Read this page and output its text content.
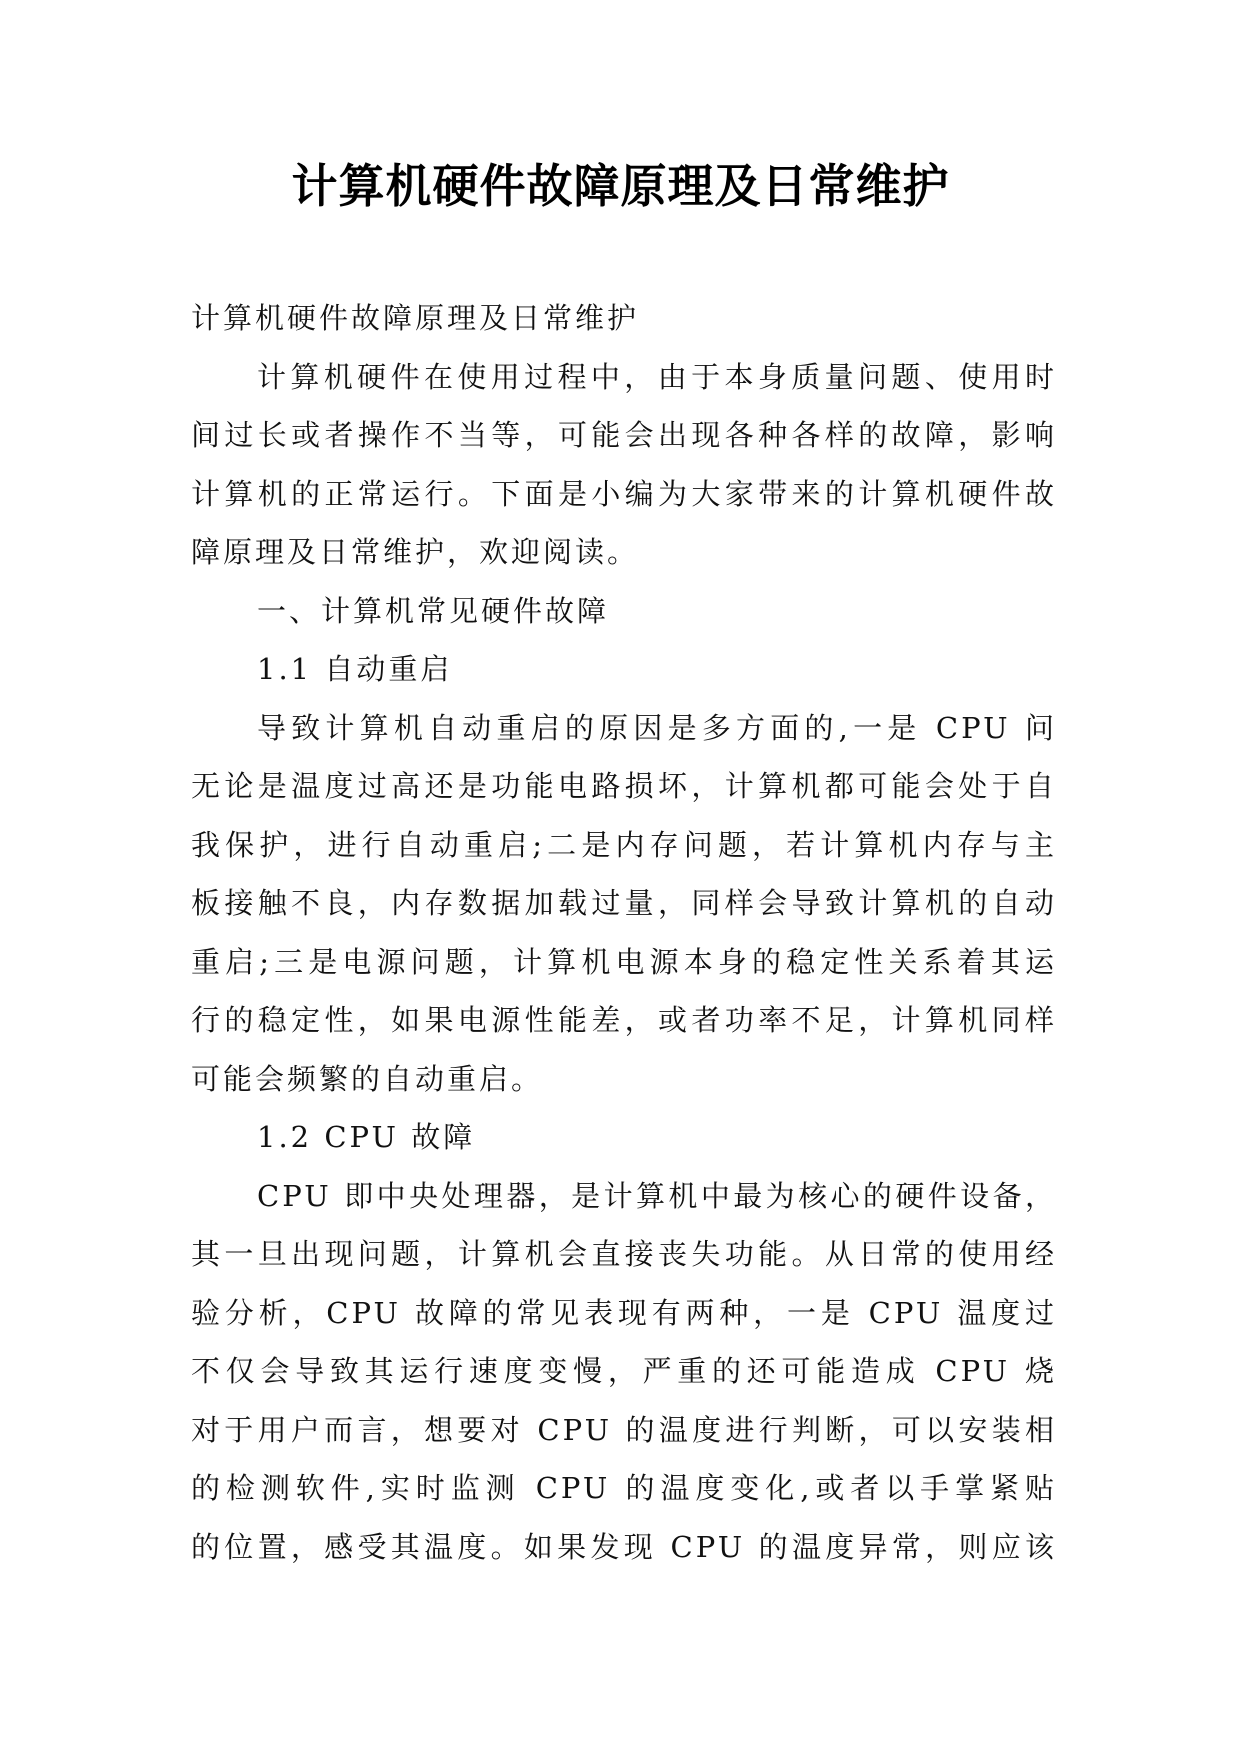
计算机硬件故障原理及日常维护
计算机硬件故障原理及日常维护
计算机硬件在使用过程中，由于本身质量问题、使用时
间过长或者操作不当等，可能会出现各种各样的故障，影响
计算机的正常运行。下面是小编为大家带来的计算机硬件故
障原理及日常维护，欢迎阅读。
一、计算机常见硬件故障
1.1 自动重启
导致计算机自动重启的原因是多方面的,一是 CPU 问
无论是温度过高还是功能电路损坏，计算机都可能会处于自
我保护，进行自动重启;二是内存问题，若计算机内存与主
板接触不良，内存数据加载过量，同样会导致计算机的自动
重启;三是电源问题，计算机电源本身的稳定性关系着其运
行的稳定性，如果电源性能差，或者功率不足，计算机同样
可能会频繁的自动重启。
1.2 CPU 故障
CPU 即中央处理器，是计算机中最为核心的硬件设备，
其一旦出现问题，计算机会直接丧失功能。从日常的使用经
验分析，CPU 故障的常见表现有两种，一是 CPU 温度过
不仅会导致其运行速度变慢，严重的还可能造成 CPU 烧
对于用户而言，想要对 CPU 的温度进行判断，可以安装相
的检测软件,实时监测 CPU 的温度变化,或者以手掌紧贴
的位置，感受其温度。如果发现 CPU 的温度异常，则应该
